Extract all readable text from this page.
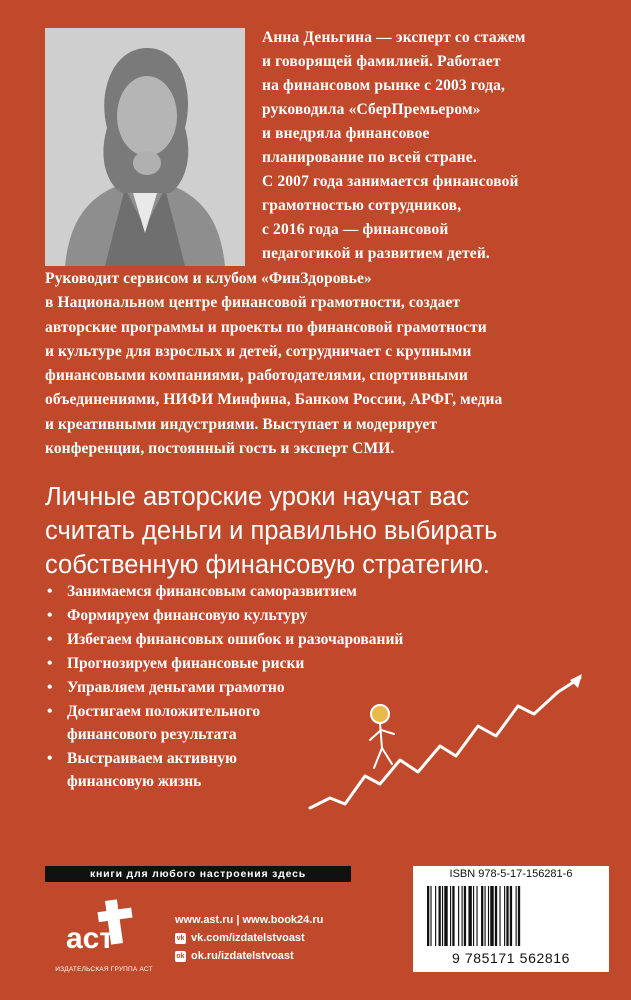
Анна Деньгина — эксперт со стажем
и говорящей фамилией. Работает
на финансовом рынке с 2003 года,
руководила «СберПремьером»
и внедряла финансовое
планирование по всей стране.
С 2007 года занимается финансовой
грамотностью сотрудников,
с 2016 года — финансовой
педагогикой и развитием детей.
Руководит сервисом и клубом «ФинЗдоровье»
в Национальном центре финансовой грамотности, создает
авторские программы и проекты по финансовой грамотности
и культуре для взрослых и детей, сотрудничает с крупными
финансовыми компаниями, работодателями, спортивными
объединениями, НИФИ Минфина, Банком России, АРФГ, медиа
и креативными индустриями. Выступает и модерирует
конференции, постоянный гость и эксперт СМИ.
Личные авторские уроки научат вас
считать деньги и правильно выбирать
собственную финансовую стратегию.
• Занимаемся финансовым саморазвитием
• Формируем финансовую культуру
• Избегаем финансовых ошибок и разочарований
• Прогнозируем финансовые риски
• Управляем деньгами грамотно
• Достигаем положительного
финансового результата
• Выстраиваем активную
финансовую жизнь
книги для любого настроения здесь
аст
ИЗДАТЕЛЬСКАЯ ГРУППА АСТ
www.ast.ru | www.book24.ru
vk vk.com/izdatelstvoast
ok ok.ru/izdatelstvoast
ISBN 978-5-17-156281-6
9 785171 562816
